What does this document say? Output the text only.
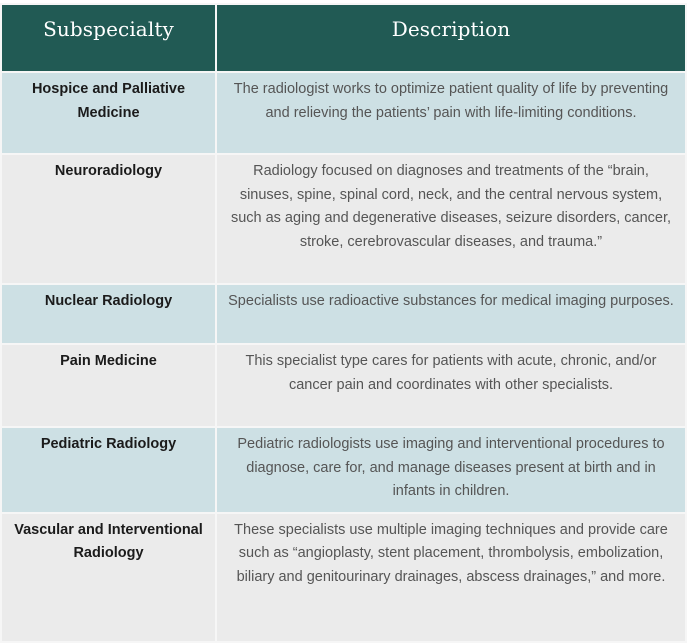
Subspecialty	Description
Hospice and Palliative Medicine	The radiologist works to optimize patient quality of life by preventing and relieving the patients’ pain with life-limiting conditions.
Neuroradiology	Radiology focused on diagnoses and treatments of the “brain, sinuses, spine, spinal cord, neck, and the central nervous system, such as aging and degenerative diseases, seizure disorders, cancer, stroke, cerebrovascular diseases, and trauma.”
Nuclear Radiology	Specialists use radioactive substances for medical imaging purposes.
Pain Medicine	This specialist type cares for patients with acute, chronic, and/or cancer pain and coordinates with other specialists.
Pediatric Radiology	Pediatric radiologists use imaging and interventional procedures to diagnose, care for, and manage diseases present at birth and in infants in children.
Vascular and Interventional Radiology	These specialists use multiple imaging techniques and provide care such as “angioplasty, stent placement, thrombolysis, embolization, biliary and genitourinary drainages, abscess drainages,” and more.
